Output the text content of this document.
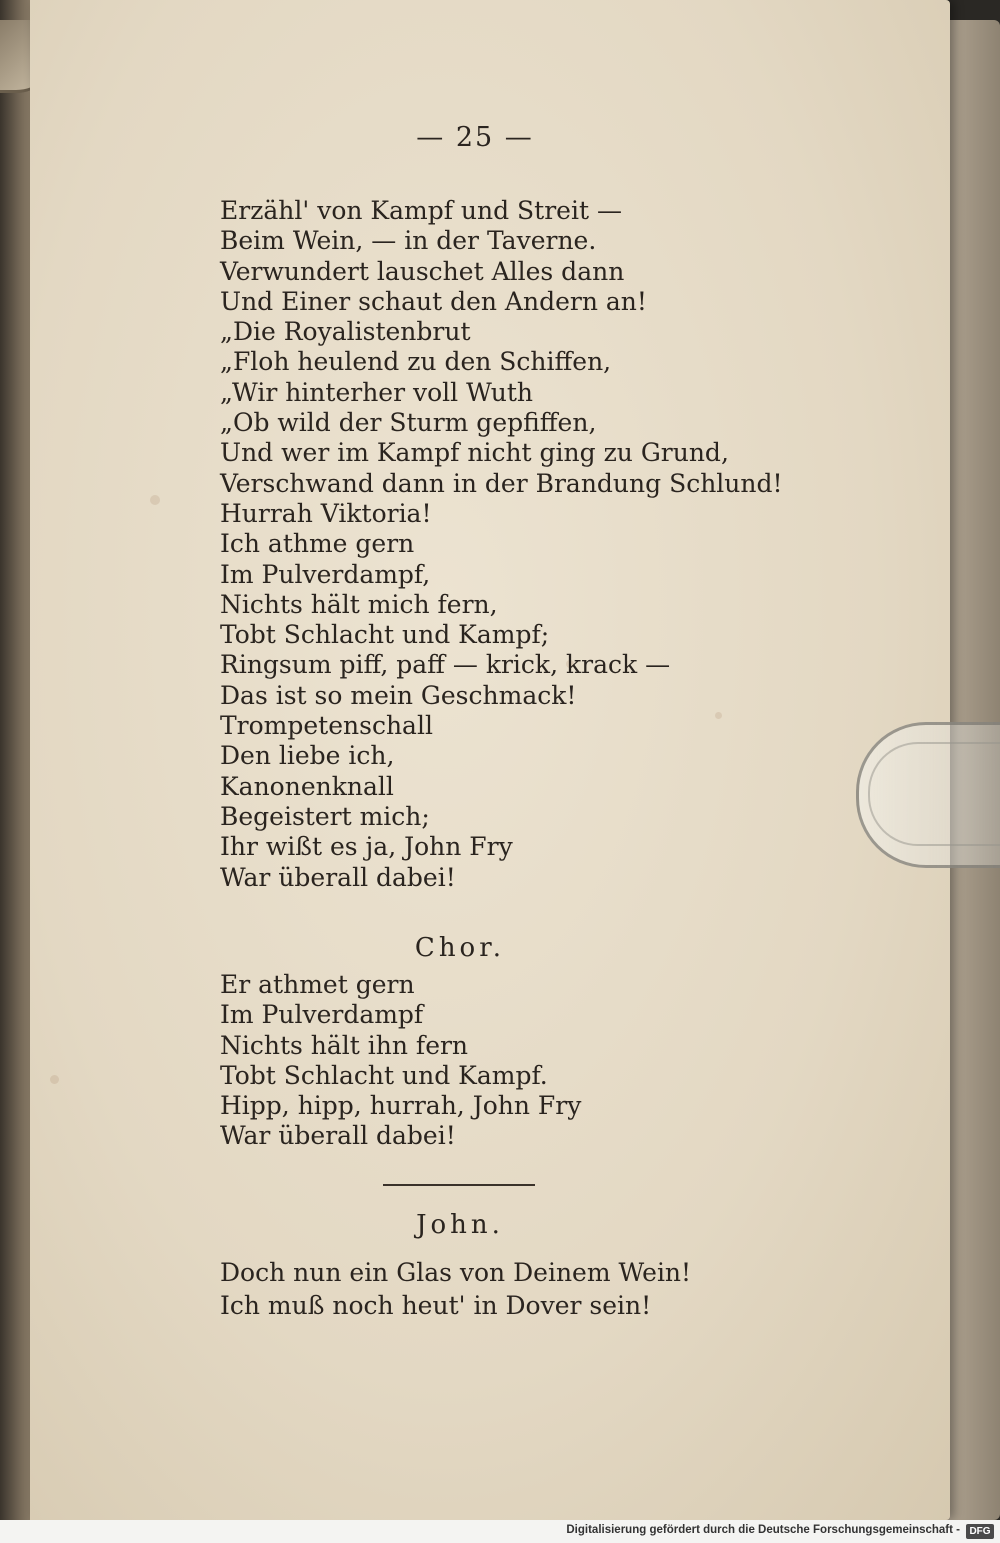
— 25 —
Erzähl' von Kampf und Streit —
Beim Wein, — in der Taverne.
Verwundert lauschet Alles dann
Und Einer schaut den Andern an!
„Die Royalistenbrut
„Floh heulend zu den Schiffen,
„Wir hinterher voll Wuth
„Ob wild der Sturm gepfiffen,
Und wer im Kampf nicht ging zu Grund,
Verschwand dann in der Brandung Schlund!
Hurrah Viktoria!
Ich athme gern
Im Pulverdampf,
Nichts hält mich fern,
Tobt Schlacht und Kampf;
Ringsum piff, paff — krick, krack —
Das ist so mein Geschmack!
Trompetenschall
Den liebe ich,
Kanonenknall
Begeistert mich;
Ihr wißt es ja, John Fry
War überall dabei!
Chor.
Er athmet gern
Im Pulverdampf
Nichts hält ihn fern
Tobt Schlacht und Kampf.
Hipp, hipp, hurrah, John Fry
War überall dabei!
John.
Doch nun ein Glas von Deinem Wein!
Ich muß noch heut' in Dover sein!
Digitalisierung gefördert durch die Deutsche Forschungsgemeinschaft - DFG
